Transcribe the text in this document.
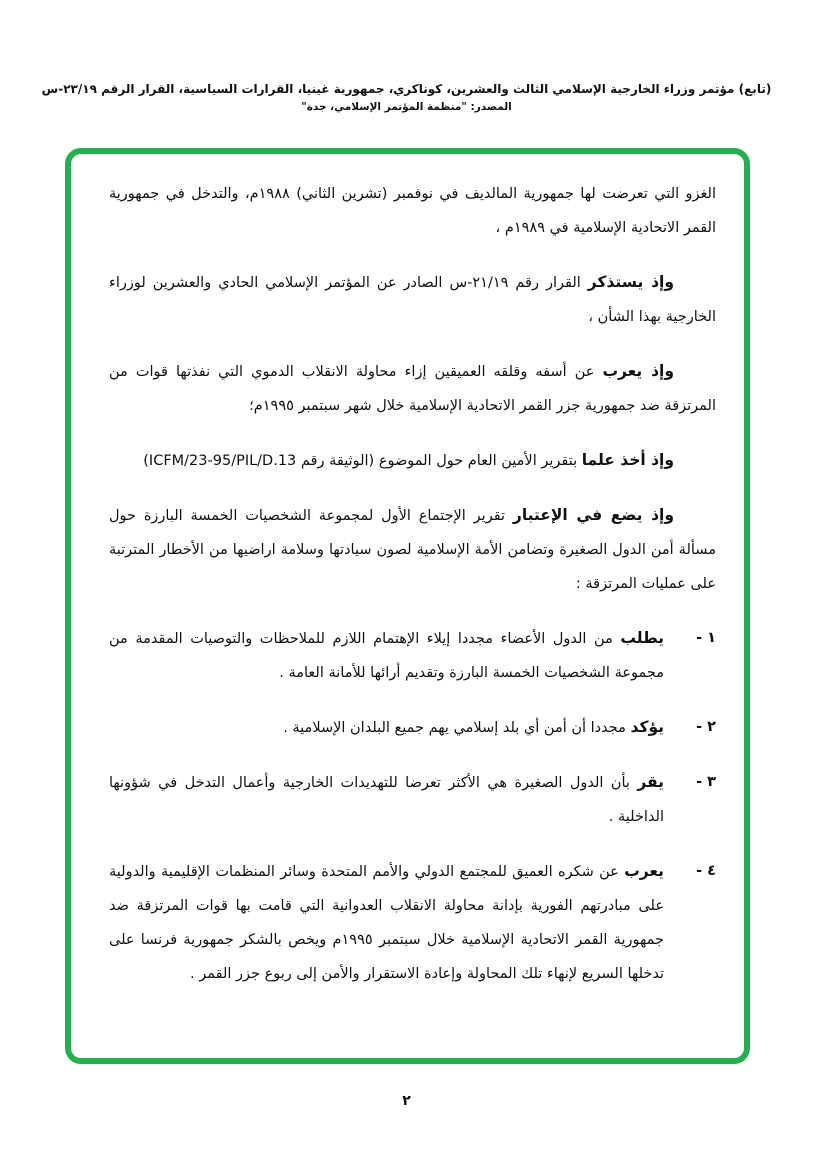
(تابع) مؤتمر وزراء الخارجية الإسلامي الثالث والعشرين، كوناكري، جمهورية غينيا، القرارات السياسية، القرار الرقم ٢٣/١٩-س
المصدر: "منظمة المؤتمر الإسلامي، جدة"

الغزو التي تعرضت لها جمهورية المالديف في نوفمبر (تشرين الثاني) ١٩٨٨م، والتدخل في جمهورية القمر الاتحادية الإسلامية في ١٩٨٩م ،

وإذ يستذكر القرار رقم ٢١/١٩-س الصادر عن المؤتمر الإسلامي الحادي والعشرين لوزراء الخارجية بهذا الشأن ،

وإذ يعرب عن أسفه وقلقه العميقين إزاء محاولة الانقلاب الدموي التي نفذتها قوات من المرتزقة ضد جمهورية جزر القمر الاتحادية الإسلامية خلال شهر سبتمبر ١٩٩٥م؛

وإذ أخذ علما بتقرير الأمين العام حول الموضوع (الوثيقة رقم ICFM/23-95/PIL/D.13)

وإذ يضع في الإعتبار تقرير الإجتماع الأول لمجموعة الشخصيات الخمسة البارزة حول مسألة أمن الدول الصغيرة وتضامن الأمة الإسلامية لصون سيادتها وسلامة اراضيها من الأخطار المترتبة على عمليات المرتزقة :

١ -
يطلب من الدول الأعضاء مجددا إيلاء الإهتمام اللازم للملاحظات والتوصيات المقدمة من مجموعة الشخصيات الخمسة البارزة وتقديم أرائها للأمانة العامة .
٢ -
يؤكد مجددا أن أمن أي بلد إسلامي يهم جميع البلدان الإسلامية .
٣ -
يقر بأن الدول الصغيرة هي الأكثر تعرضا للتهديدات الخارجية وأعمال التدخل في شؤونها الداخلية .
٤ -
يعرب عن شكره العميق للمجتمع الدولي والأمم المتحدة وسائر المنظمات الإقليمية والدولية على مبادرتهم الفورية بإدانة محاولة الانقلاب العدوانية التي قامت بها قوات المرتزقة ضد جمهورية القمر الاتحادية الإسلامية خلال سبتمبر ١٩٩٥م ويخص بالشكر جمهورية فرنسا على تدخلها السريع لإنهاء تلك المحاولة وإعادة الاستقرار والأمن إلى ربوع جزر القمر .
٢
